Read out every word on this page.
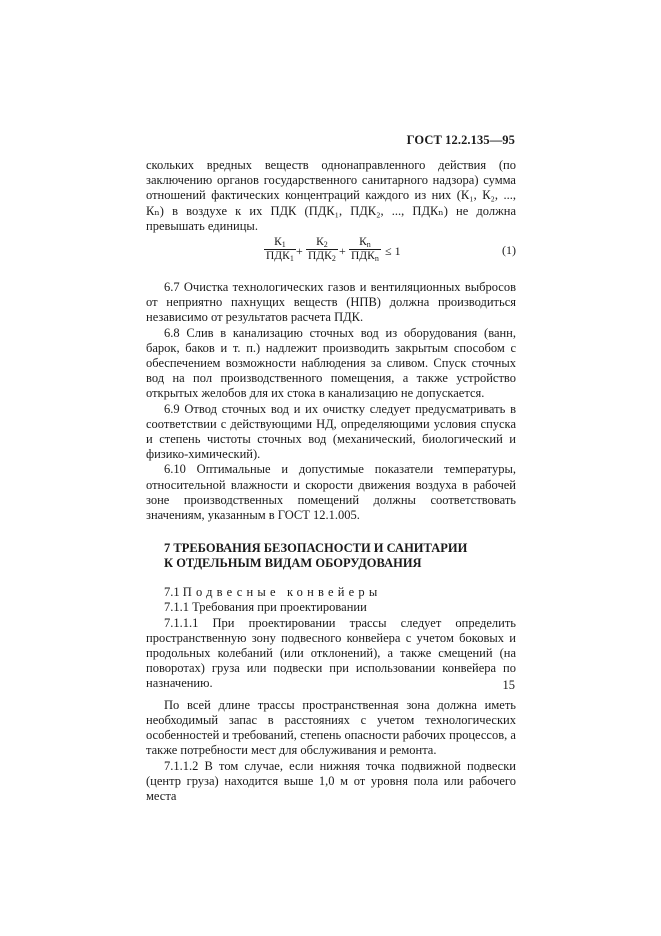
ГОСТ 12.2.135—95

скольких вредных веществ однонаправленного действия (по заключению органов государственного санитарного надзора) сумма отношений фактических концентраций каждого из них (К₁, К₂, ..., Кₙ) в воздухе к их ПДК (ПДК₁, ПДК₂, ..., ПДКₙ) не должна превышать единицы.

$К_1$
$ПДК_1$
+
$К_2$
$ПДК_2$
+
$К_n$
$ПДК_n$
≤ 1	(1)

6.7 Очистка технологических газов и вентиляционных выбросов от неприятно пахнущих веществ (НПВ) должна производиться независимо от результатов расчета ПДК.

6.8 Слив в канализацию сточных вод из оборудования (ванн, барок, баков и т. п.) надлежит производить закрытым способом с обеспечением возможности наблюдения за сливом. Спуск сточных вод на пол производственного помещения, а также устройство открытых желобов для их стока в канализацию не допускается.

6.9 Отвод сточных вод и их очистку следует предусматривать в соответствии с действующими НД, определяющими условия спуска и степень чистоты сточных вод (механический, биологический и физико-химический).

6.10 Оптимальные и допустимые показатели температуры, относительной влажности и скорости движения воздуха в рабочей зоне производственных помещений должны соответствовать значениям, указанным в ГОСТ 12.1.005.

7 ТРЕБОВАНИЯ БЕЗОПАСНОСТИ И САНИТАРИИ

К ОТДЕЛЬНЫМ ВИДАМ ОБОРУДОВАНИЯ

7.1 Подвесные конвейеры

7.1.1 Требования при проектировании

7.1.1.1 При проектировании трассы следует определить пространственную зону подвесного конвейера с учетом боковых и продольных колебаний (или отклонений), а также смещений (на поворотах) груза или подвески при использовании конвейера по назначению.

По всей длине трассы пространственная зона должна иметь необходимый запас в расстояниях с учетом технологических особенностей и требований, степень опасности рабочих процессов, а также потребности мест для обслуживания и ремонта.

7.1.1.2 В том случае, если нижняя точка подвижной подвески (центр груза) находится выше 1,0 м от уровня пола или рабочего места

15
